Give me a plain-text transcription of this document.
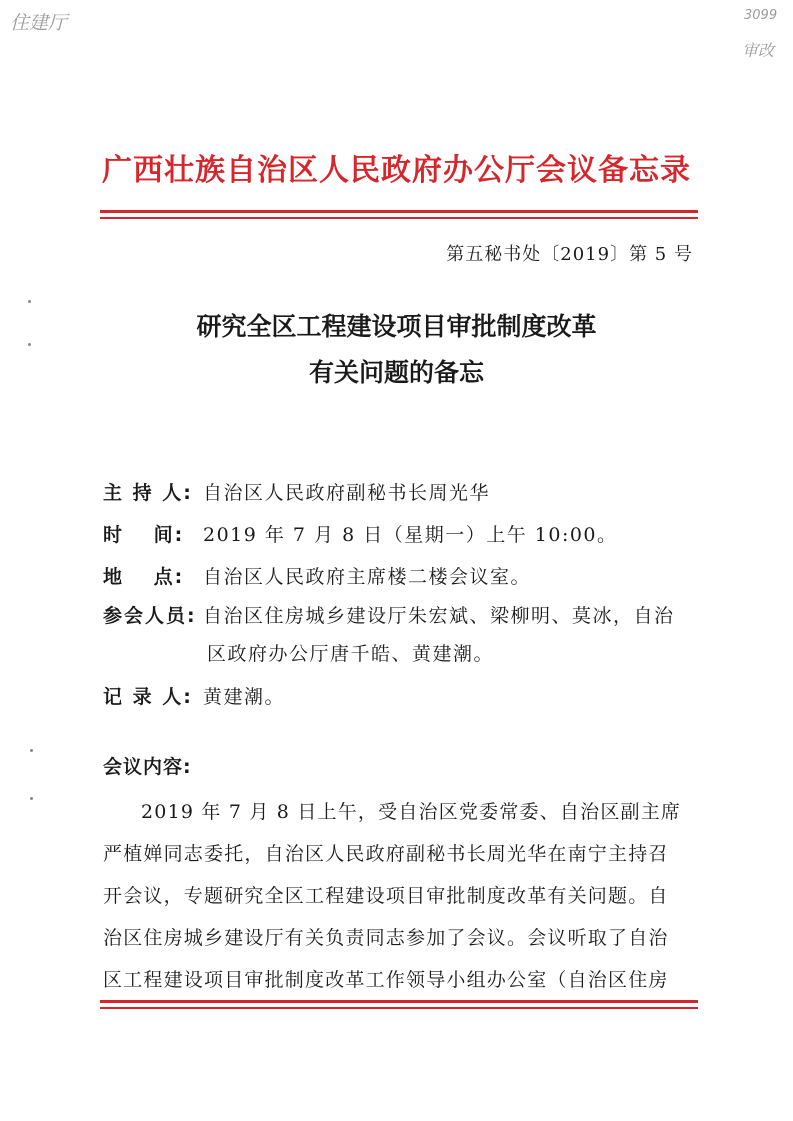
住建厅	3099
审改
广西壮族自治区人民政府办公厅会议备忘录
第五秘书处〔2019〕第 5 号
研究全区工程建设项目审批制度改革
有关问题的备忘
主 持 人: 自治区人民政府副秘书长周光华
时　 间: 2019 年 7 月 8 日（星期一）上午 10:00。
地　 点: 自治区人民政府主席楼二楼会议室。
参会人员: 自治区住房城乡建设厅朱宏斌、梁柳明、莫冰，自治
区政府办公厅唐千皓、黄建潮。
记 录 人: 黄建潮。
会议内容:
2019 年 7 月 8 日上午，受自治区党委常委、自治区副主席
严植婵同志委托，自治区人民政府副秘书长周光华在南宁主持召
开会议，专题研究全区工程建设项目审批制度改革有关问题。自
治区住房城乡建设厅有关负责同志参加了会议。会议听取了自治
区工程建设项目审批制度改革工作领导小组办公室（自治区住房
